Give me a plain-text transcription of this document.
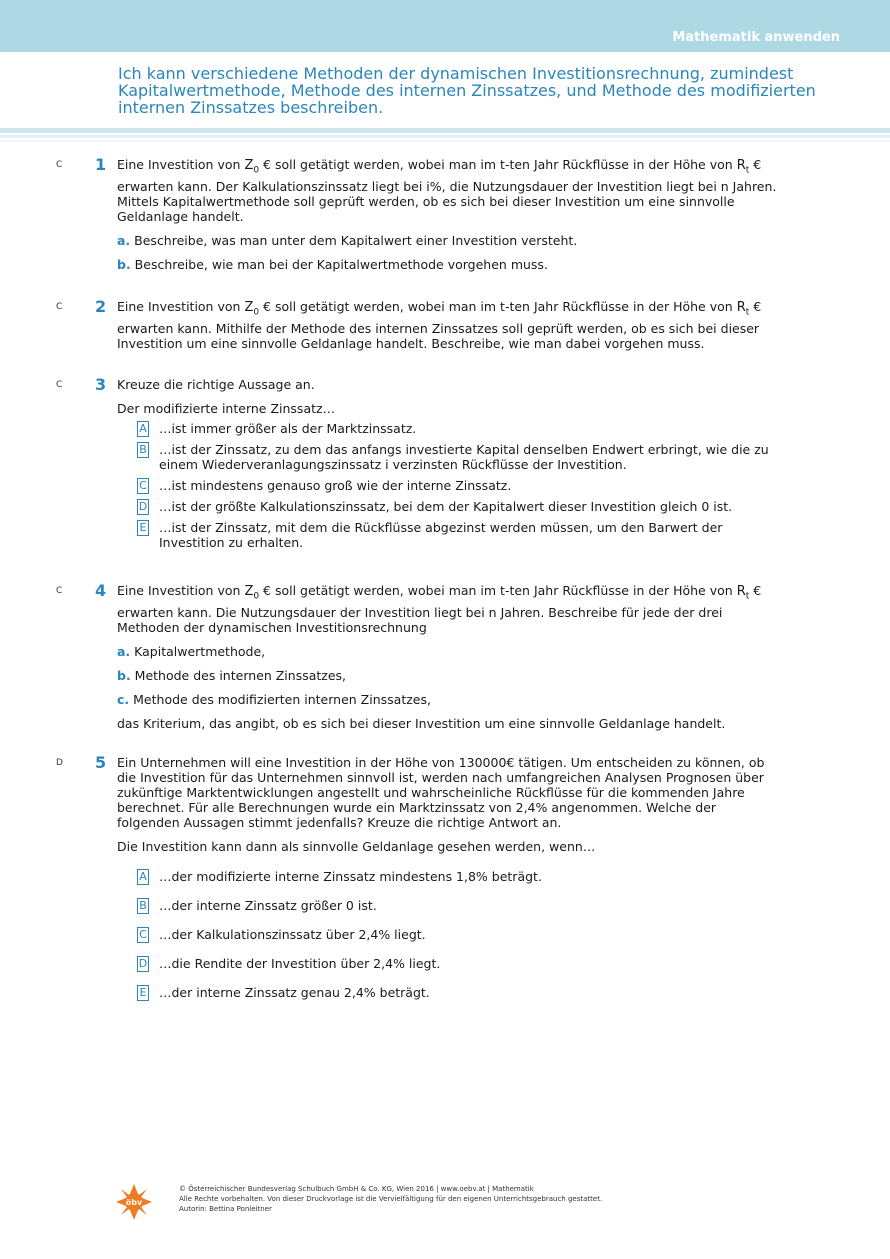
Mathematik anwenden
Ich kann verschiedene Methoden der dynamischen Investitionsrechnung, zumindest Kapitalwertmethode, Methode des internen Zinssatzes, und Methode des modifizierten internen Zinssatzes beschreiben.
C 1 Eine Investition von $Z_0$ € soll getätigt werden, wobei man im t-ten Jahr Rückflüsse in der Höhe von $R_t$ € erwarten kann. Der Kalkulationszinssatz liegt bei i%, die Nutzungsdauer der Investition liegt bei n Jahren. Mittels Kapitalwertmethode soll geprüft werden, ob es sich bei dieser Investition um eine sinnvolle Geldanlage handelt.

a. Beschreibe, was man unter dem Kapitalwert einer Investition versteht.

b. Beschreibe, wie man bei der Kapitalwertmethode vorgehen muss.

C 2 Eine Investition von $Z_0$ € soll getätigt werden, wobei man im t-ten Jahr Rückflüsse in der Höhe von $R_t$ € erwarten kann. Mithilfe der Methode des internen Zinssatzes soll geprüft werden, ob es sich bei dieser Investition um eine sinnvolle Geldanlage handelt. Beschreibe, wie man dabei vorgehen muss.

C 3 Kreuze die richtige Aussage an.

Der modifizierte interne Zinssatz…

A …ist immer größer als der Marktzinssatz.
B …ist der Zinssatz, zu dem das anfangs investierte Kapital denselben Endwert erbringt, wie die zu einem Wiederveranlagungszinssatz i verzinsten Rückflüsse der Investition.
C …ist mindestens genauso groß wie der interne Zinssatz.
D …ist der größte Kalkulationszinssatz, bei dem der Kapitalwert dieser Investition gleich 0 ist.
E …ist der Zinssatz, mit dem die Rückflüsse abgezinst werden müssen, um den Barwert der Investition zu erhalten.
C 4 Eine Investition von $Z_0$ € soll getätigt werden, wobei man im t-ten Jahr Rückflüsse in der Höhe von $R_t$ € erwarten kann. Die Nutzungsdauer der Investition liegt bei n Jahren. Beschreibe für jede der drei Methoden der dynamischen Investitionsrechnung

a. Kapitalwertmethode,

b. Methode des internen Zinssatzes,

c. Methode des modifizierten internen Zinssatzes,

das Kriterium, das angibt, ob es sich bei dieser Investition um eine sinnvolle Geldanlage handelt.

D 5 Ein Unternehmen will eine Investition in der Höhe von 130000€ tätigen. Um entscheiden zu können, ob die Investition für das Unternehmen sinnvoll ist, werden nach umfangreichen Analysen Prognosen über zukünftige Marktentwicklungen angestellt und wahrscheinliche Rückflüsse für die kommenden Jahre berechnet. Für alle Berechnungen wurde ein Marktzinssatz von 2,4% angenommen. Welche der folgenden Aussagen stimmt jedenfalls? Kreuze die richtige Antwort an.

Die Investition kann dann als sinnvolle Geldanlage gesehen werden, wenn…

A …der modifizierte interne Zinssatz mindestens 1,8% beträgt.
B …der interne Zinssatz größer 0 ist.
C …der Kalkulationszinssatz über 2,4% liegt.
D …die Rendite der Investition über 2,4% liegt.
E …der interne Zinssatz genau 2,4% beträgt.
öbv
© Österreichischer Bundesverlag Schulbuch GmbH & Co. KG, Wien 2016 | www.oebv.at | Mathematik
Alle Rechte vorbehalten. Von dieser Druckvorlage ist die Vervielfältigung für den eigenen Unterrichtsgebrauch gestattet.
Autorin: Bettina Ponleitner
